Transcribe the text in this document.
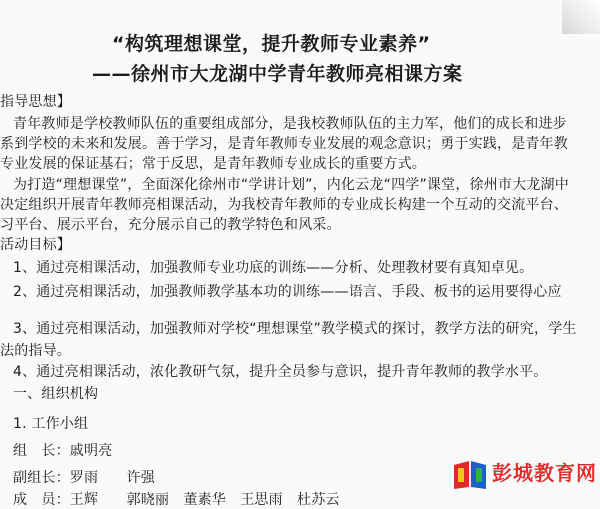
“构筑理想课堂，提升教师专业素养”
——徐州市大龙湖中学青年教师亮相课方案
指导思想】
青年教师是学校教师队伍的重要组成部分，是我校教师队伍的主力军，他们的成长和进步
系到学校的未来和发展。善于学习，是青年教师专业发展的观念意识；勇于实践，是青年教
专业发展的保证基石；常于反思，是青年教师专业成长的重要方式。
为打造“理想课堂”，全面深化徐州市“学讲计划”，内化云龙“四学”课堂，徐州市大龙湖中
决定组织开展青年教师亮相课活动，为我校青年教师的专业成长构建一个互动的交流平台、
习平台、展示平台，充分展示自己的教学特色和风采。
活动目标】
1、通过亮相课活动，加强教师专业功底的训练——分析、处理教材要有真知卓见。
2、通过亮相课活动，加强教师教学基本功的训练——语言、手段、板书的运用要得心应
3、通过亮相课活动，加强教师对学校“理想课堂”教学模式的探讨，教学方法的研究，学生
法的指导。
4、通过亮相课活动，浓化教研气氛，提升全员参与意识，提升青年教师的教学水平。
一、组织机构
1. 工作小组
组　长：戚明亮
副组长：罗雨　　许强
成　员：王辉　　郭晓丽　董素华　王思雨　杜苏云
彭城教育网
